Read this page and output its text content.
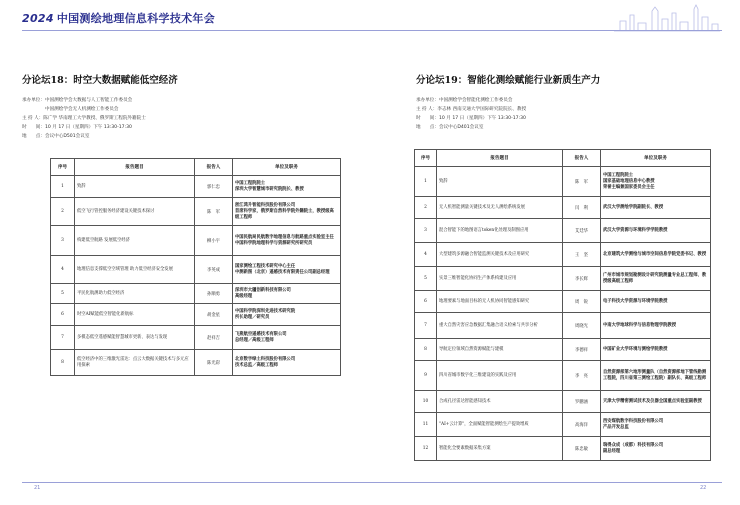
2024 中国测绘地理信息科学技术年会
分论坛18：时空大数据赋能低空经济
承办单位：中国测绘学会大数据与人工智能工作委员会
　　　　　中国测绘学会无人机测绘工作委员会
主 持 人：陈广学 华南理工大学教授、俄罗斯工程院外籍院士
时　　间：10 月 17 日（星期四）下午 13:30-17:30
地　　点：会议中心D501会议室
序号	报告题目	报告人	单位及职务
1	致辞	郭仁忠	中国工程院院士
深圳大学智慧城市研究院院长、教授
2	低空飞行管控服务经济建设关键技术探讨	陈　军	浙江鸿升智能科技股份有限公司
首席科学家，俄罗斯自然科学院外籍院士，教授级高级工程师
3	构建低空航路 发展低空经济	柳小宇	中国民航局民航数字地理信息与航路重点实验室主任
中国科学院地理科学与资源研究所研究员
4	地理信息支撑低空空域管理 助力低空经济安全发展	李英成	国家测绘工程技术研究中心主任
中测新图（北京）遥感技术有限责任公司副总经理
5	平民化航测助力低空经济	孙顺勇	深圳市大疆创新科技有限公司
高级经理
6	时空AI赋能低空智能化新航标	胡金星	中国科学院深圳先进技术研究院
所长助理／研究员
7	多模态低空遥感赋能智慧城市更新、表达与发现	赵祥吉	飞燕航空遥感技术有限公司
总经理／高级工程师
8	低空经济中的三维激光雷达：点云大数据关键技术与多元应用探索	陈光彩	北京数字绿土科技股份有限公司
技术总监／高级工程师
21
分论坛19：智能化测绘赋能行业新质生产力
承办单位：中国测绘学会智能化测绘工作委员会
主 持 人：李志林 西南交通大学国际研究院院长、教授
时　　间：10 月 17 日（星期四）下午 13:30-17:30
地　　点：会议中心D401会议室
序号	报告题目	报告人	单位及职务
1	致辞	陈　军	中国工程院院士
国家基础地理信息中心教授
荣誉主编兼国家委员会主任
2	无人机智能测量关键技术及无人测绘系统发展	闫　利	武汉大学测绘学院副院长、教授
3	混合智能下的地图语言token化处理及制图应用	艾廷华	武汉大学资源与环境科学学院教授
4	大型建筑多源融合智能监测关键技术及应用研究	王　坚	北京建筑大学测绘与城市空间信息学院党委书记、教授
5	实景三维智能化协同生产体系构建及应用	李长辉	广州市城市规划勘测设计研究院测量专业总工程师、教授级高级工程师
6	地理要素与地面目标的无人机协同智能感知研究	周　锐	电子科技大学资源与环境学院教授
7	重大自然灾害应急数据汇集融合语义检索与共享分析	周晓光	中南大学地球科学与信息物理学院教授
8	导航定位领域自然资源赋能与建模	李德祥	中国矿业大学环境与测绘学院教授
9	四川省城市数字化三维建设的实践及应用	李　亮	自然资源部第六地形测量队（自然资源部地下管线勘测工程院，四川省第三测绘工程院）副队长、高级工程师
10	合成孔径雷达智能感知技术	罗鹏涵	天津大学精密测试技术及仪器全国重点实验室副教授
11	"AI+云计算"，全面赋能智能测绘生产提效增质	高海洋	西安煤航数字科技股份有限公司
产品开发总监
12	智能化全要素数据采集方案	陈忠敏	瑞得众成（成都）科技有限公司
副总经理
22
